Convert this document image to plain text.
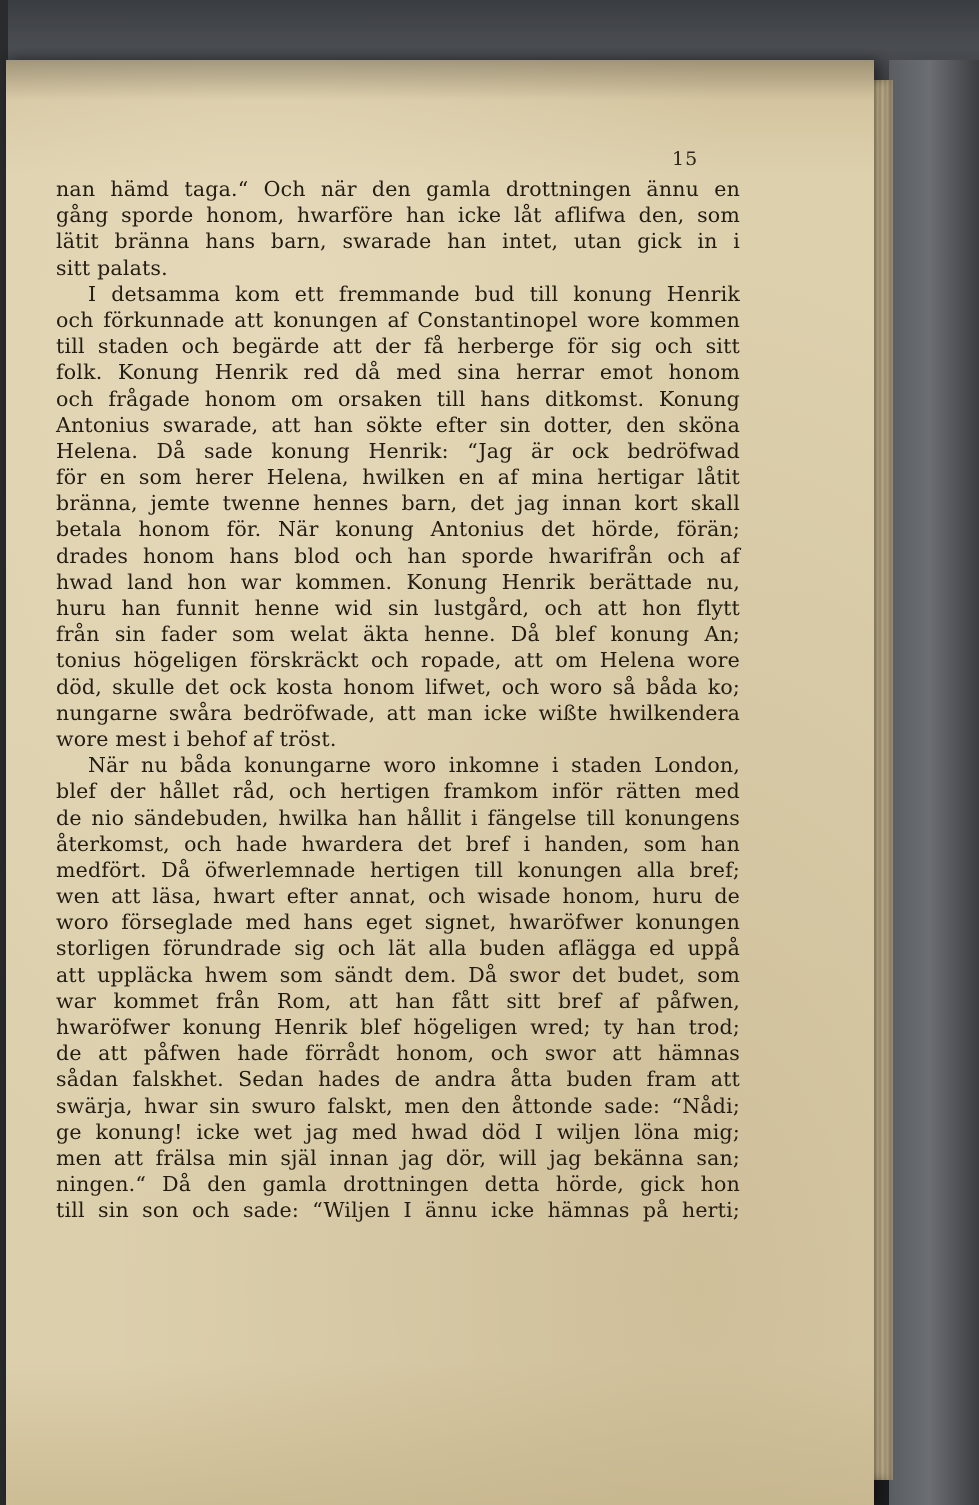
15
nan hämd taga.“ Och när den gamla drottningen ännu en
gång sporde honom, hwarföre han icke låt aflifwa den, som
lätit bränna hans barn, swarade han intet, utan gick in i
sitt palats.
I detsamma kom ett fremmande bud till konung Henrik
och förkunnade att konungen af Constantinopel wore kommen
till staden och begärde att der få herberge för sig och sitt
folk. Konung Henrik red då med sina herrar emot honom
och frågade honom om orsaken till hans ditkomst. Konung
Antonius swarade, att han sökte efter sin dotter, den sköna
Helena. Då sade konung Henrik: “Jag är ock bedröfwad
för en som herer Helena, hwilken en af mina hertigar låtit
bränna, jemte twenne hennes barn, det jag innan kort skall
betala honom för. När konung Antonius det hörde, förän;
drades honom hans blod och han sporde hwarifrån och af
hwad land hon war kommen. Konung Henrik berättade nu,
huru han funnit henne wid sin lustgård, och att hon flytt
från sin fader som welat äkta henne. Då blef konung An;
tonius högeligen förskräckt och ropade, att om Helena wore
död, skulle det ock kosta honom lifwet, och woro så båda ko;
nungarne swåra bedröfwade, att man icke wißte hwilkendera
wore mest i behof af tröst.
När nu båda konungarne woro inkomne i staden London,
blef der hållet råd, och hertigen framkom inför rätten med
de nio sändebuden, hwilka han hållit i fängelse till konungens
återkomst, och hade hwardera det bref i handen, som han
medfört. Då öfwerlemnade hertigen till konungen alla bref;
wen att läsa, hwart efter annat, och wisade honom, huru de
woro förseglade med hans eget signet, hwaröfwer konungen
storligen förundrade sig och lät alla buden aflägga ed uppå
att uppläcka hwem som sändt dem. Då swor det budet, som
war kommet från Rom, att han fått sitt bref af påfwen,
hwaröfwer konung Henrik blef högeligen wred; ty han trod;
de att påfwen hade förrådt honom, och swor att hämnas
sådan falskhet. Sedan hades de andra åtta buden fram att
swärja, hwar sin swuro falskt, men den åttonde sade: “Nådi;
ge konung! icke wet jag med hwad död I wiljen löna mig;
men att frälsa min själ innan jag dör, will jag bekänna san;
ningen.“ Då den gamla drottningen detta hörde, gick hon
till sin son och sade: “Wiljen I ännu icke hämnas på herti;
